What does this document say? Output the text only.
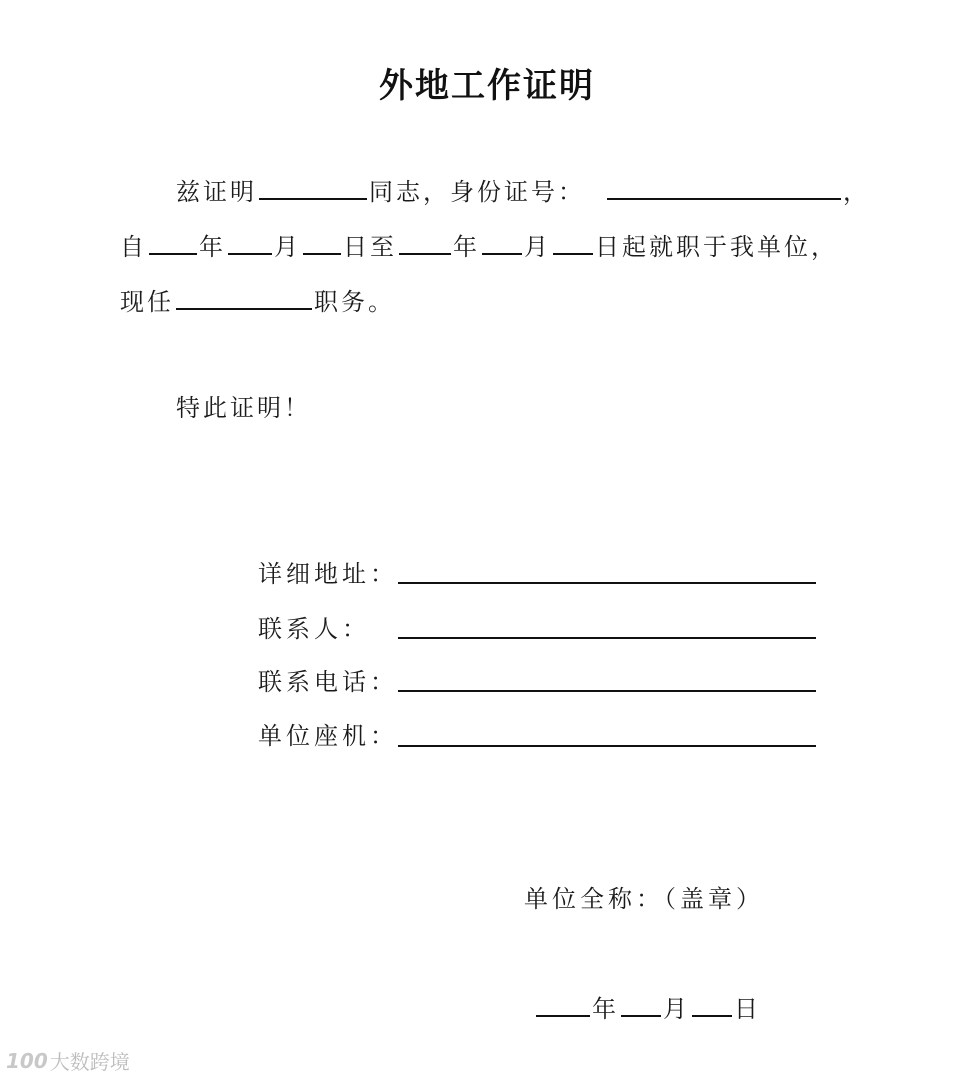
外地工作证明
兹证明	同志，身份证号：	，
自 年 月 日至 年 月 日起就职于我单位，
现任	职务。
特此证明！
详细地址：
联系人：
联系电话：
单位座机：
单位全称：（盖章）
年 月 日
100 大数跨境
